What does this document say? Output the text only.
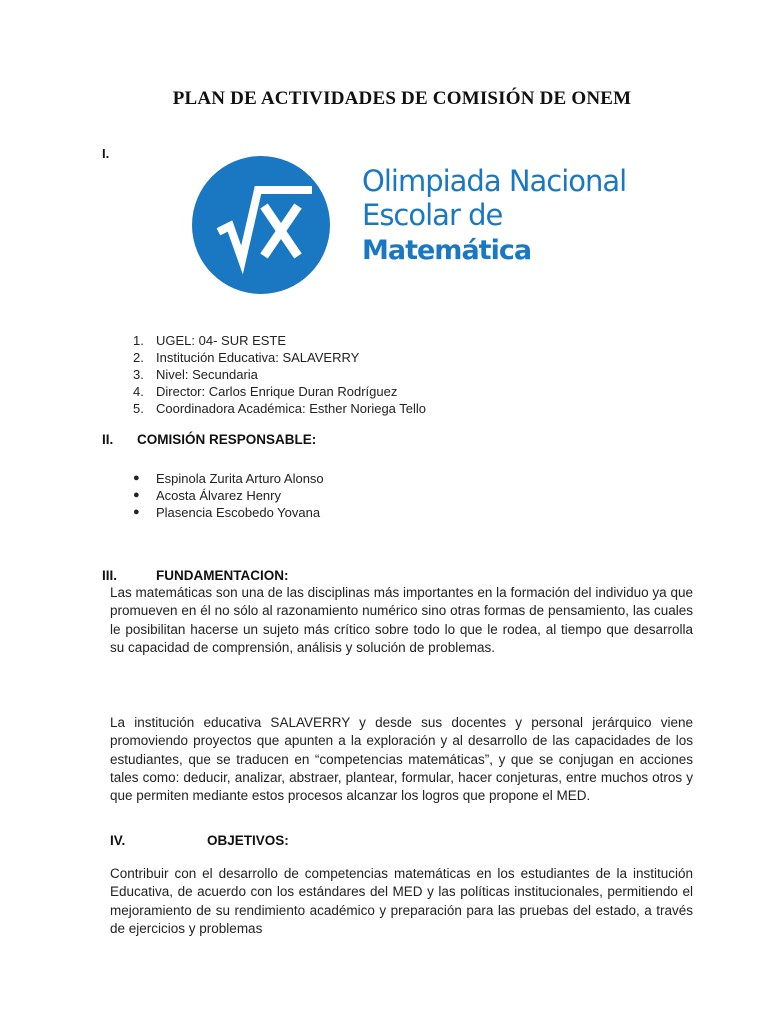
PLAN DE ACTIVIDADES DE COMISIÓN DE ONEM
I.
Olimpiada Nacional
Escolar de
Matemática
1. UGEL: 04- SUR ESTE
2. Institución Educativa: SALAVERRY
3. Nivel: Secundaria
4. Director: Carlos Enrique Duran Rodríguez
5. Coordinadora Académica: Esther Noriega Tello
II. COMISIÓN RESPONSABLE:
● Espinola Zurita Arturo Alonso
● Acosta Álvarez Henry
● Plasencia Escobedo Yovana
III.	FUNDAMENTACION:
Las matemáticas son una de las disciplinas más importantes en la formación del individuo ya que promueven en él no sólo al razonamiento numérico sino otras formas de pensamiento, las cuales le posibilitan hacerse un sujeto más crítico sobre todo lo que le rodea, al tiempo que desarrolla su capacidad de comprensión, análisis y solución de problemas.
La institución educativa SALAVERRY y desde sus docentes y personal jerárquico viene promoviendo proyectos que apunten a la exploración y al desarrollo de las capacidades de los estudiantes, que se traducen en “competencias matemáticas”, y que se conjugan en acciones tales como: deducir, analizar, abstraer, plantear, formular, hacer conjeturas, entre muchos otros y que permiten mediante estos procesos alcanzar los logros que propone el MED.
IV.	OBJETIVOS:
Contribuir con el desarrollo de competencias matemáticas en los estudiantes de la institución Educativa, de acuerdo con los estándares del MED y las políticas institucionales, permitiendo el mejoramiento de su rendimiento académico y preparación para las pruebas del estado, a través de ejercicios y problemas
